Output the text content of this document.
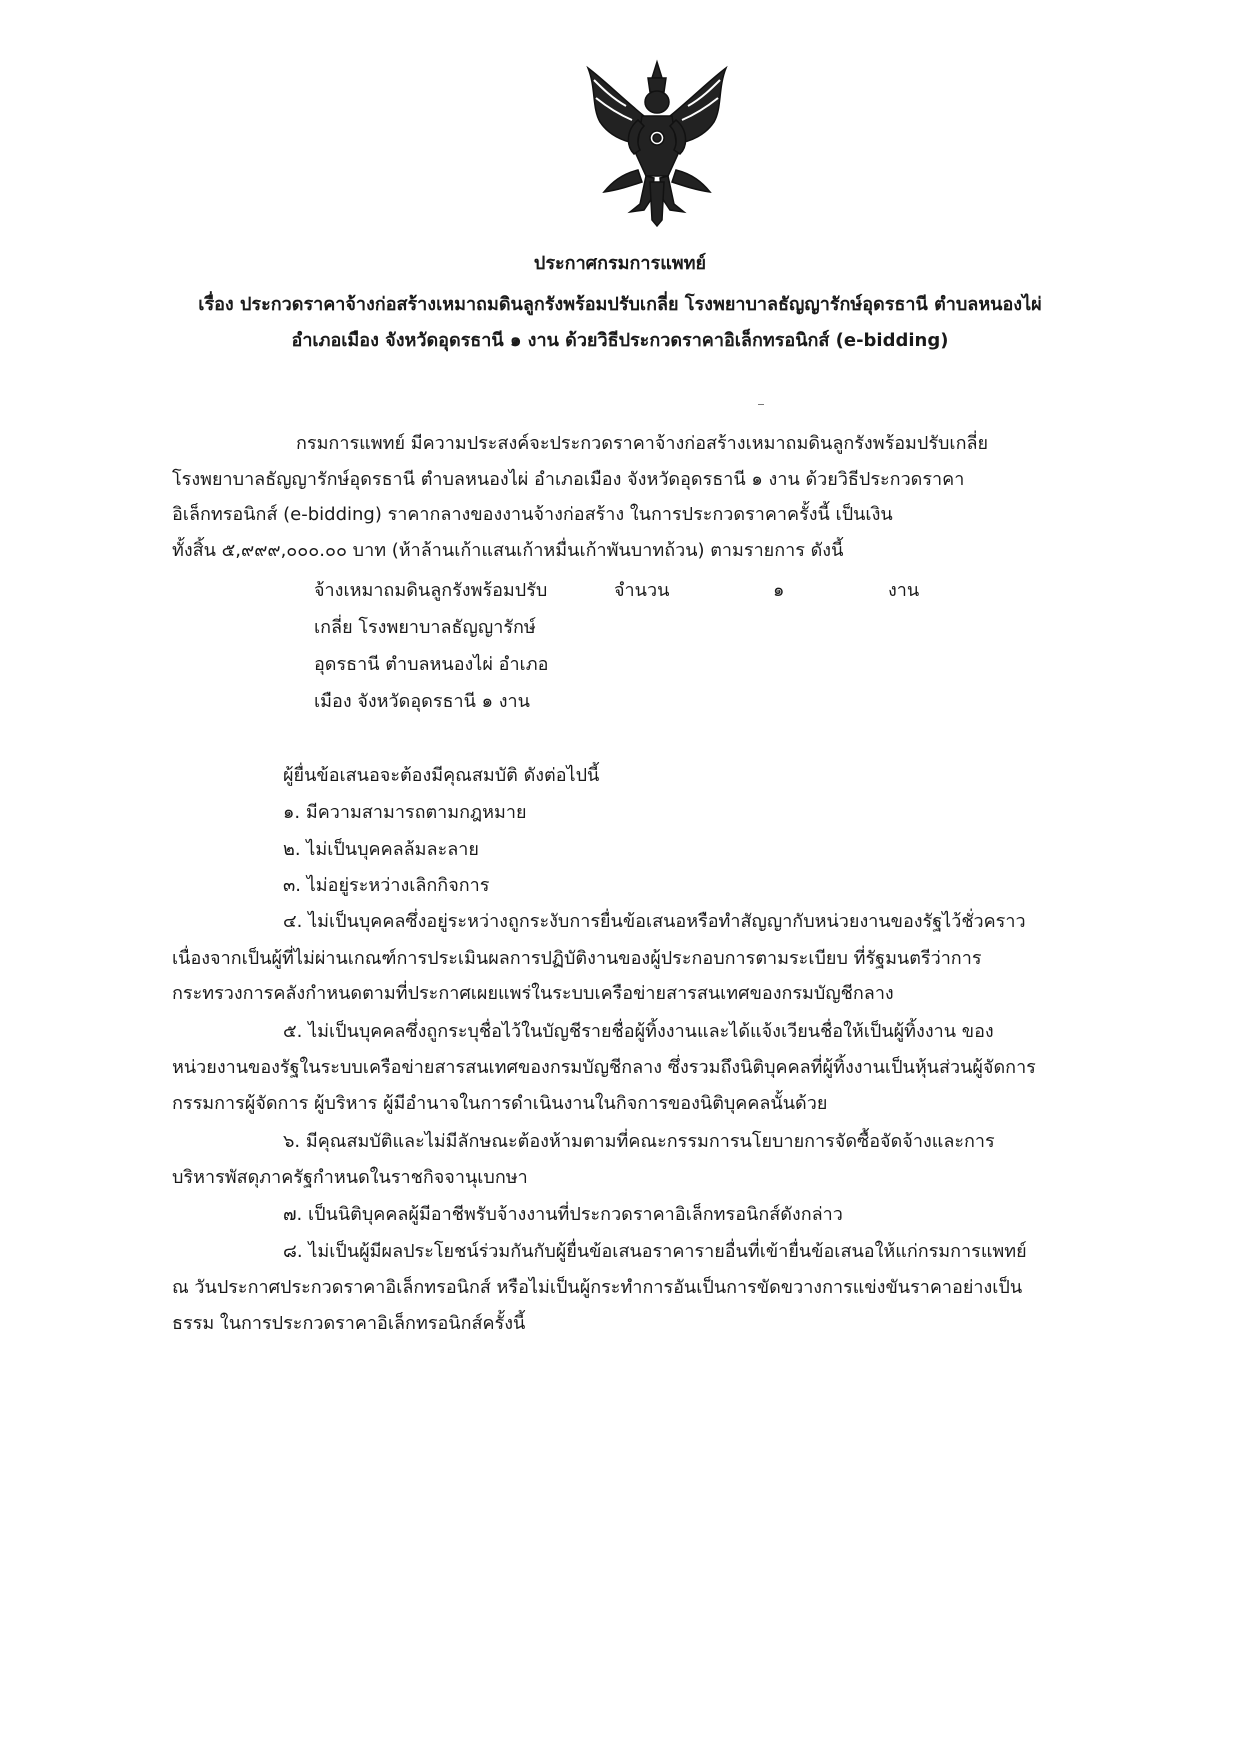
ประกาศกรมการแพทย์
เรื่อง ประกวดราคาจ้างก่อสร้างเหมาถมดินลูกรังพร้อมปรับเกลี่ย โรงพยาบาลธัญญารักษ์อุดรธานี ตำบลหนองไผ่
อำเภอเมือง จังหวัดอุดรธานี ๑ งาน ด้วยวิธีประกวดราคาอิเล็กทรอนิกส์ (e-bidding)
กรมการแพทย์ มีความประสงค์จะประกวดราคาจ้างก่อสร้างเหมาถมดินลูกรังพร้อมปรับเกลี่ย
โรงพยาบาลธัญญารักษ์อุดรธานี ตำบลหนองไผ่ อำเภอเมือง จังหวัดอุดรธานี ๑ งาน ด้วยวิธีประกวดราคา
อิเล็กทรอนิกส์ (e-bidding) ราคากลางของงานจ้างก่อสร้าง ในการประกวดราคาครั้งนี้ เป็นเงิน
ทั้งสิ้น ๕,๙๙๙,๐๐๐.๐๐ บาท (ห้าล้านเก้าแสนเก้าหมื่นเก้าพันบาทถ้วน) ตามรายการ ดังนี้
จ้างเหมาถมดินลูกรังพร้อมปรับ
เกลี่ย โรงพยาบาลธัญญารักษ์
อุดรธานี ตำบลหนองไผ่ อำเภอ
เมือง จังหวัดอุดรธานี ๑ งาน
จำนวน	๑	งาน
ผู้ยื่นข้อเสนอจะต้องมีคุณสมบัติ ดังต่อไปนี้
๑. มีความสามารถตามกฎหมาย
๒. ไม่เป็นบุคคลล้มละลาย
๓. ไม่อยู่ระหว่างเลิกกิจการ
๔. ไม่เป็นบุคคลซึ่งอยู่ระหว่างถูกระงับการยื่นข้อเสนอหรือทำสัญญากับหน่วยงานของรัฐไว้ชั่วคราว
เนื่องจากเป็นผู้ที่ไม่ผ่านเกณฑ์การประเมินผลการปฏิบัติงานของผู้ประกอบการตามระเบียบ ที่รัฐมนตรีว่าการ
กระทรวงการคลังกำหนดตามที่ประกาศเผยแพร่ในระบบเครือข่ายสารสนเทศของกรมบัญชีกลาง
๕. ไม่เป็นบุคคลซึ่งถูกระบุชื่อไว้ในบัญชีรายชื่อผู้ทิ้งงานและได้แจ้งเวียนชื่อให้เป็นผู้ทิ้งงาน ของ
หน่วยงานของรัฐในระบบเครือข่ายสารสนเทศของกรมบัญชีกลาง ซึ่งรวมถึงนิติบุคคลที่ผู้ทิ้งงานเป็นหุ้นส่วนผู้จัดการ
กรรมการผู้จัดการ ผู้บริหาร ผู้มีอำนาจในการดำเนินงานในกิจการของนิติบุคคลนั้นด้วย
๖. มีคุณสมบัติและไม่มีลักษณะต้องห้ามตามที่คณะกรรมการนโยบายการจัดซื้อจัดจ้างและการ
บริหารพัสดุภาครัฐกำหนดในราชกิจจานุเบกษา
๗. เป็นนิติบุคคลผู้มีอาชีพรับจ้างงานที่ประกวดราคาอิเล็กทรอนิกส์ดังกล่าว
๘. ไม่เป็นผู้มีผลประโยชน์ร่วมกันกับผู้ยื่นข้อเสนอราคารายอื่นที่เข้ายื่นข้อเสนอให้แก่กรมการแพทย์
ณ วันประกาศประกวดราคาอิเล็กทรอนิกส์ หรือไม่เป็นผู้กระทำการอันเป็นการขัดขวางการแข่งขันราคาอย่างเป็น
ธรรม ในการประกวดราคาอิเล็กทรอนิกส์ครั้งนี้
